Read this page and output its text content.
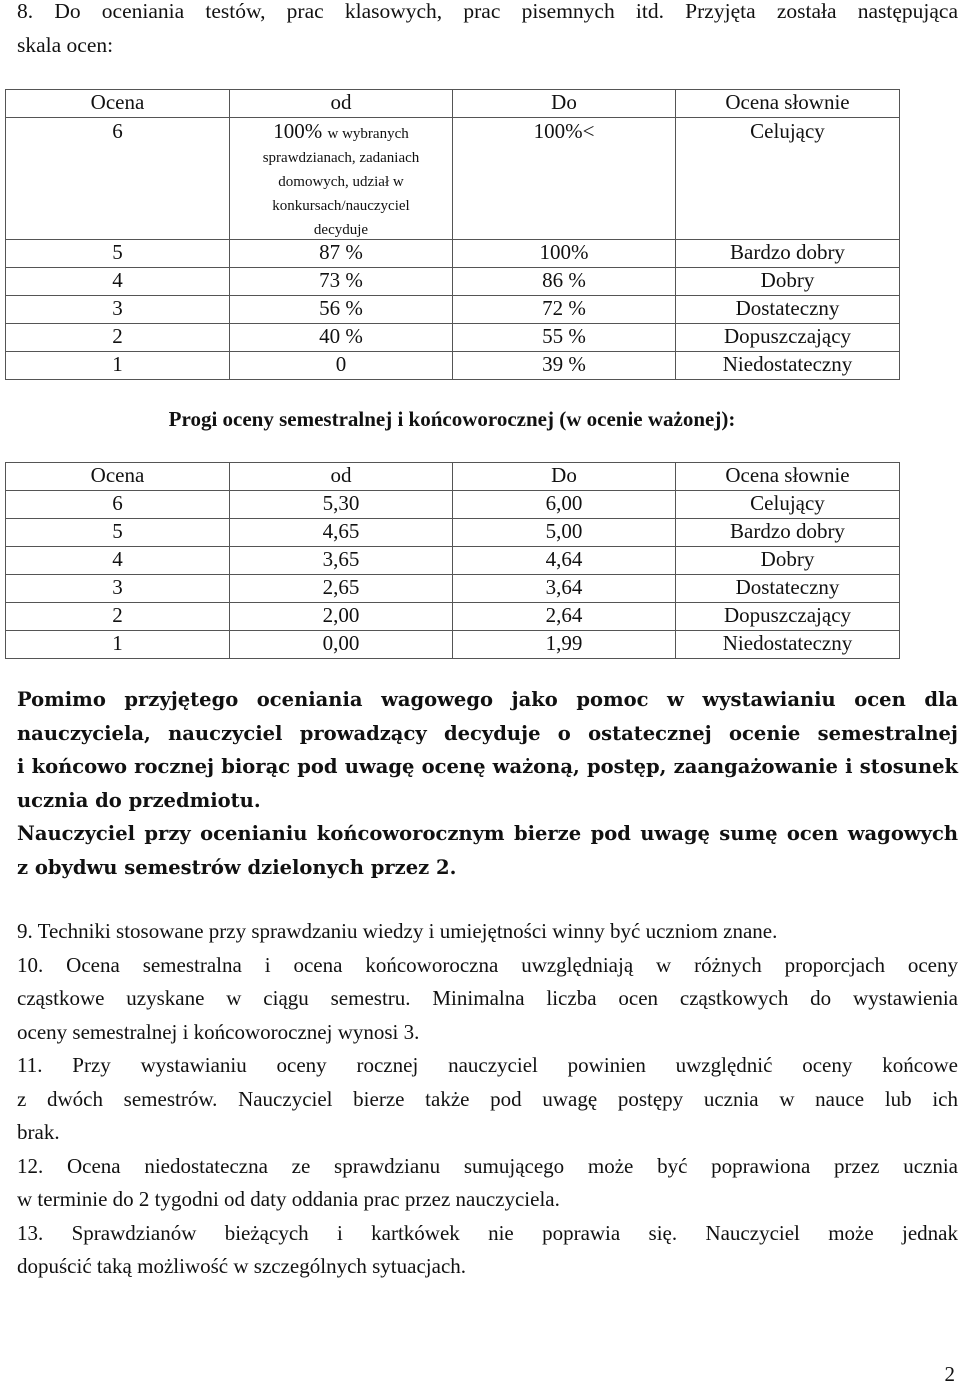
8. Do oceniania testów, prac klasowych, prac pisemnych itd. Przyjęta została następująca
skala ocen:

Ocena	od	Do	Ocena słownie
6	100% w wybranych
sprawdzianach, zadaniach
domowych, udział w
konkursach/nauczyciel
decyduje	100%<	Celujący
5	87 %	100%	Bardzo dobry
4	73 %	86 %	Dobry
3	56 %	72 %	Dostateczny
2	40 %	55 %	Dopuszczający
1	0	39 %	Niedostateczny

Progi oceny semestralnej i końcoworocznej (w ocenie ważonej):

Ocena	od	Do	Ocena słownie
6	5,30	6,00	Celujący
5	4,65	5,00	Bardzo dobry
4	3,65	4,64	Dobry
3	2,65	3,64	Dostateczny
2	2,00	2,64	Dopuszczający
1	0,00	1,99	Niedostateczny
Pomimo przyjętego oceniania wagowego jako pomoc w wystawianiu ocen dla
nauczyciela, nauczyciel prowadzący decyduje o ostatecznej ocenie semestralnej
i końcowo rocznej biorąc pod uwagę ocenę ważoną, postęp, zaangażowanie i stosunek
ucznia do przedmiotu.
Nauczyciel przy ocenianiu końcoworocznym bierze pod uwagę sumę ocen wagowych
z obydwu semestrów dzielonych przez 2.
9. Techniki stosowane przy sprawdzaniu wiedzy i umiejętności winny być uczniom znane.
10. Ocena semestralna i ocena końcoworoczna uwzględniają w różnych proporcjach oceny
cząstkowe uzyskane w ciągu semestru. Minimalna liczba ocen cząstkowych do wystawienia
oceny semestralnej i końcoworocznej wynosi 3.
11. Przy wystawianiu oceny rocznej nauczyciel powinien uwzględnić oceny końcowe
z dwóch semestrów. Nauczyciel bierze także pod uwagę postępy ucznia w nauce lub ich
brak.
12. Ocena niedostateczna ze sprawdzianu sumującego może być poprawiona przez ucznia
w terminie do 2 tygodni od daty oddania prac przez nauczyciela.
13. Sprawdzianów bieżących i kartkówek nie poprawia się. Nauczyciel może jednak
dopuścić taką możliwość w szczególnych sytuacjach.
2
